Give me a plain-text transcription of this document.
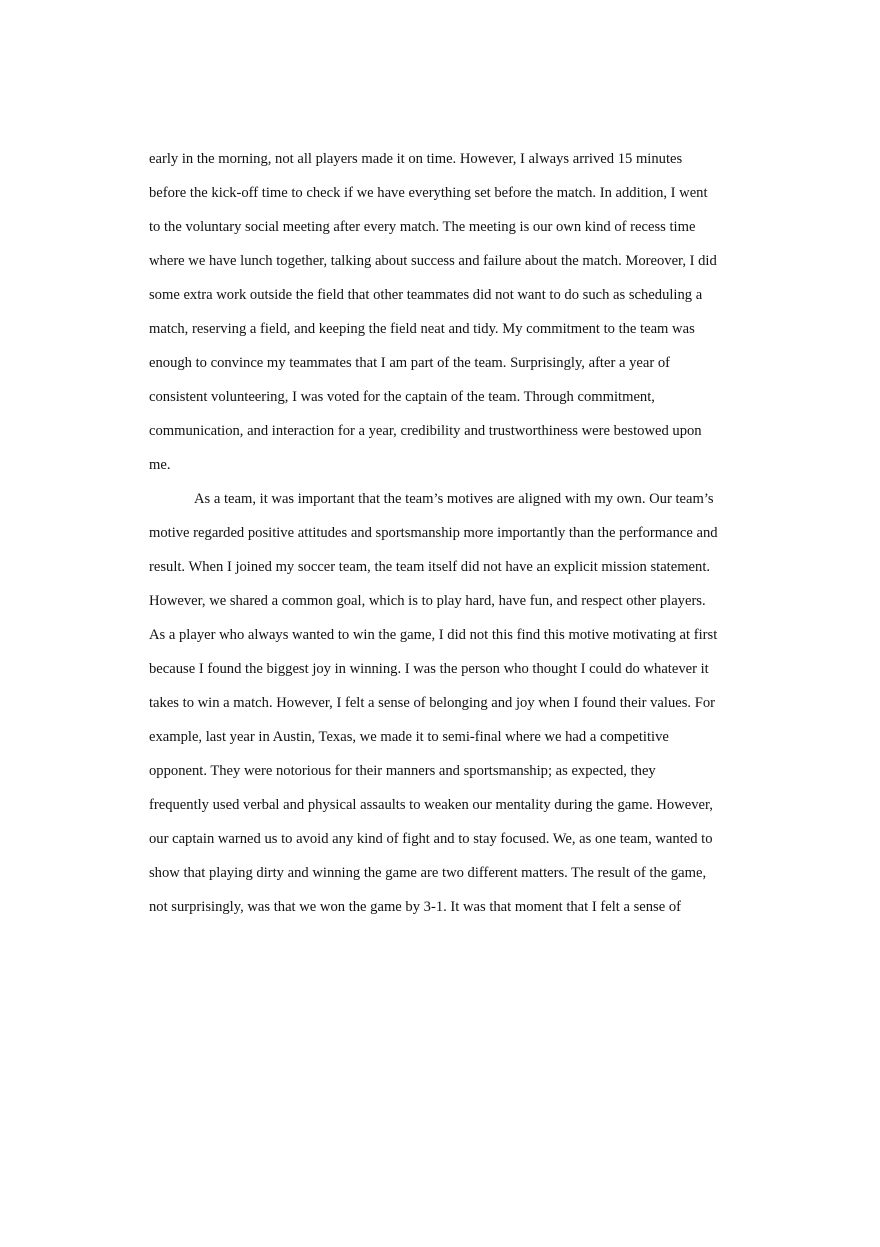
early in the morning, not all players made it on time. However, I always arrived 15 minutes
before the kick-off time to check if we have everything set before the match. In addition, I went
to the voluntary social meeting after every match. The meeting is our own kind of recess time
where we have lunch together, talking about success and failure about the match. Moreover, I did
some extra work outside the field that other teammates did not want to do such as scheduling a
match, reserving a field, and keeping the field neat and tidy. My commitment to the team was
enough to convince my teammates that I am part of the team. Surprisingly, after a year of
consistent volunteering, I was voted for the captain of the team. Through commitment,
communication, and interaction for a year, credibility and trustworthiness were bestowed upon
me.
As a team, it was important that the team’s motives are aligned with my own. Our team’s
motive regarded positive attitudes and sportsmanship more importantly than the performance and
result. When I joined my soccer team, the team itself did not have an explicit mission statement.
However, we shared a common goal, which is to play hard, have fun, and respect other players.
As a player who always wanted to win the game, I did not this find this motive motivating at first
because I found the biggest joy in winning. I was the person who thought I could do whatever it
takes to win a match. However, I felt a sense of belonging and joy when I found their values. For
example, last year in Austin, Texas, we made it to semi-final where we had a competitive
opponent. They were notorious for their manners and sportsmanship; as expected, they
frequently used verbal and physical assaults to weaken our mentality during the game. However,
our captain warned us to avoid any kind of fight and to stay focused. We, as one team, wanted to
show that playing dirty and winning the game are two different matters. The result of the game,
not surprisingly, was that we won the game by 3-1. It was that moment that I felt a sense of
